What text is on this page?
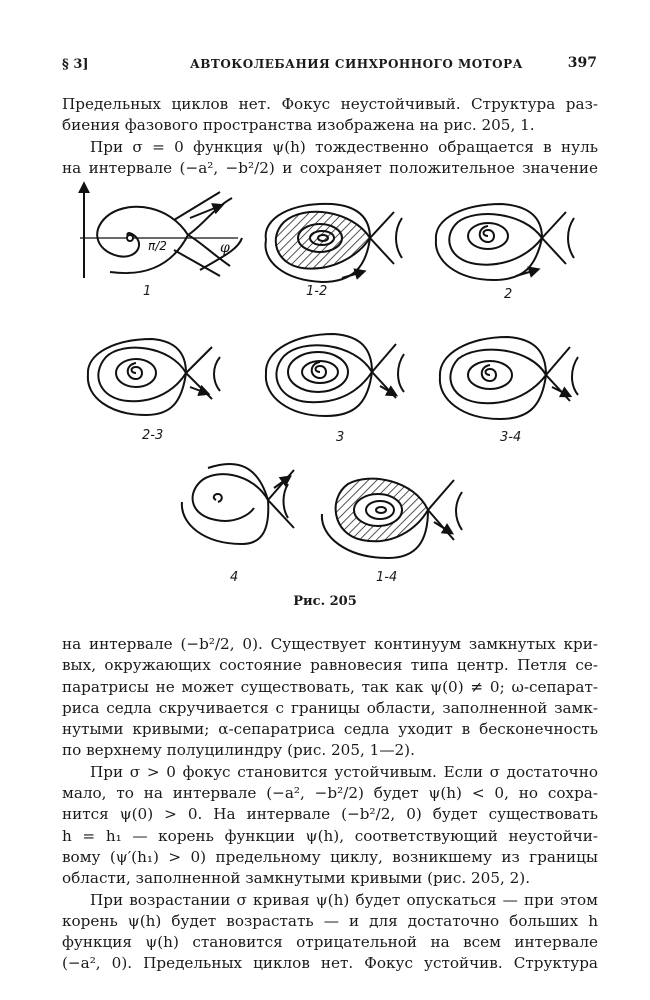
§ 3]	АВТОКОЛЕБАНИЯ СИНХРОННОГО МОТОРА	397
Предельных циклов нет. Фокус неустойчивый. Структура раз-
биения фазового пространства изображена на рис. 205, 1.
При σ = 0 функция ψ(h) тождественно обращается в нуль
на интервале (−a², −b²/2) и сохраняет положительное значение
π/2	φ
1	1-2	2
2-3	3	3-4
4	1-4
Рис. 205
на интервале (−b²/2, 0). Существует континуум замкнутых кри-
вых, окружающих состояние равновесия типа центр. Петля се-
паратрисы не может существовать, так как ψ(0) ≠ 0; ω-сепарат-
риса седла скручивается с границы области, заполненной замк-
нутыми кривыми; α-сепаратриса седла уходит в бесконечность
по верхнему полуцилиндру (рис. 205, 1—2).
При σ > 0 фокус становится устойчивым. Если σ достаточно
мало, то на интервале (−a², −b²/2) будет ψ(h) < 0, но сохра-
нится ψ(0) > 0. На интервале (−b²/2, 0) будет существовать
h = h₁ — корень функции ψ(h), соответствующий неустойчи-
вому (ψ′(h₁) > 0) предельному циклу, возникшему из границы
области, заполненной замкнутыми кривыми (рис. 205, 2).
При возрастании σ кривая ψ(h) будет опускаться — при этом
корень ψ(h) будет возрастать — и для достаточно больших h
функция ψ(h) становится отрицательной на всем интервале
(−a², 0). Предельных циклов нет. Фокус устойчив. Структура
